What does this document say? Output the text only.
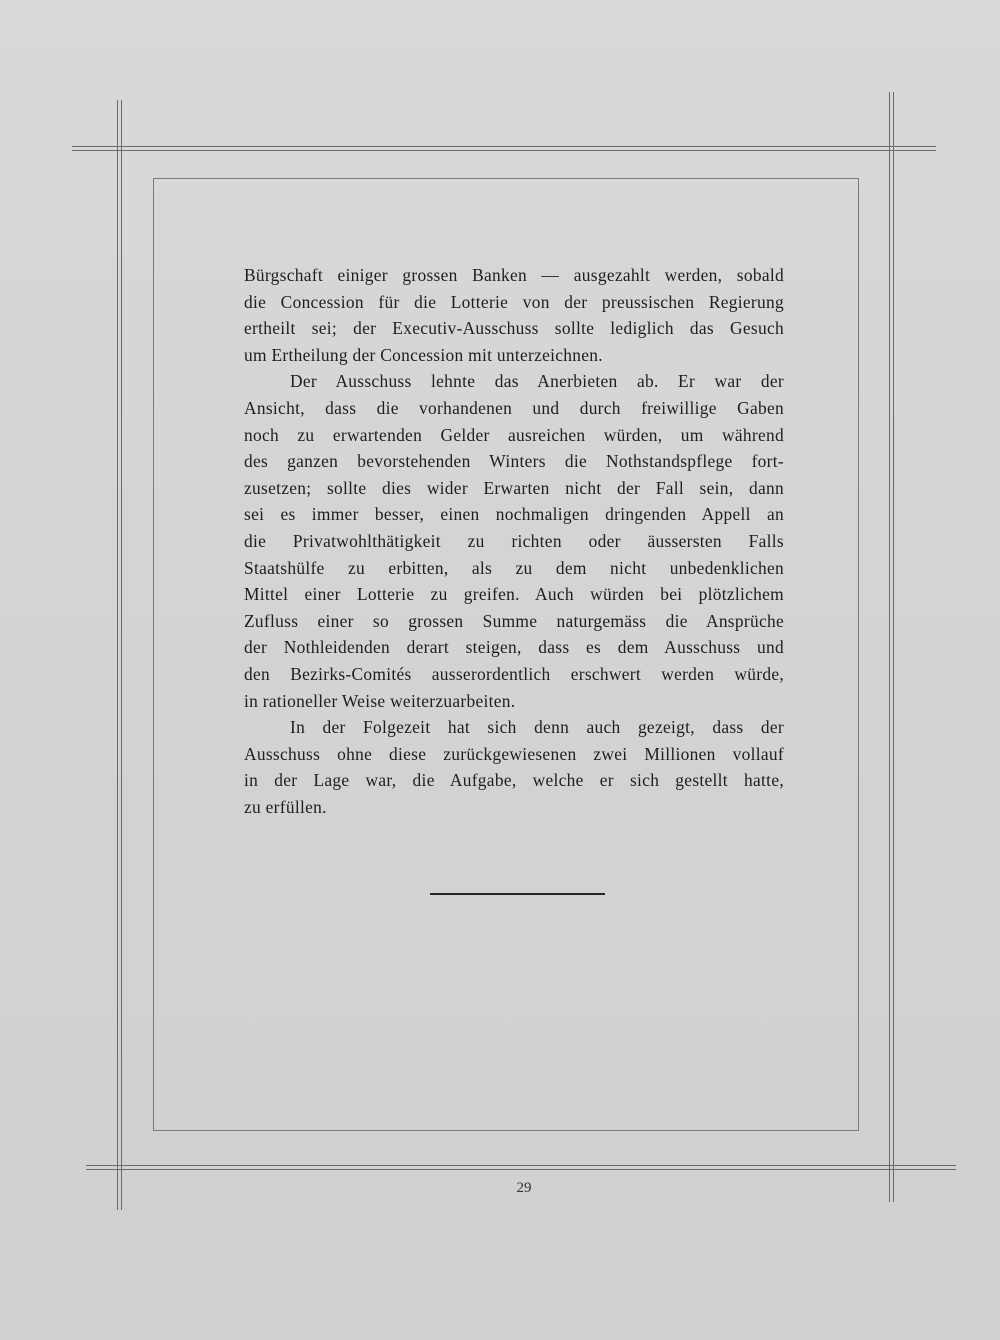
Bürgschaft einiger grossen Banken — ausgezahlt werden, sobald
die Concession für die Lotterie von der preussischen Regierung
ertheilt sei; der Executiv-Ausschuss sollte lediglich das Gesuch
um Ertheilung der Concession mit unterzeichnen.
Der Ausschuss lehnte das Anerbieten ab. Er war der
Ansicht, dass die vorhandenen und durch freiwillige Gaben
noch zu erwartenden Gelder ausreichen würden, um während
des ganzen bevorstehenden Winters die Nothstandspflege fort-
zusetzen; sollte dies wider Erwarten nicht der Fall sein, dann
sei es immer besser, einen nochmaligen dringenden Appell an
die Privatwohlthätigkeit zu richten oder äussersten Falls
Staatshülfe zu erbitten, als zu dem nicht unbedenklichen
Mittel einer Lotterie zu greifen. Auch würden bei plötzlichem
Zufluss einer so grossen Summe naturgemäss die Ansprüche
der Nothleidenden derart steigen, dass es dem Ausschuss und
den Bezirks-Comités ausserordentlich erschwert werden würde,
in rationeller Weise weiterzuarbeiten.
In der Folgezeit hat sich denn auch gezeigt, dass der
Ausschuss ohne diese zurückgewiesenen zwei Millionen vollauf
in der Lage war, die Aufgabe, welche er sich gestellt hatte,
zu erfüllen.
29
